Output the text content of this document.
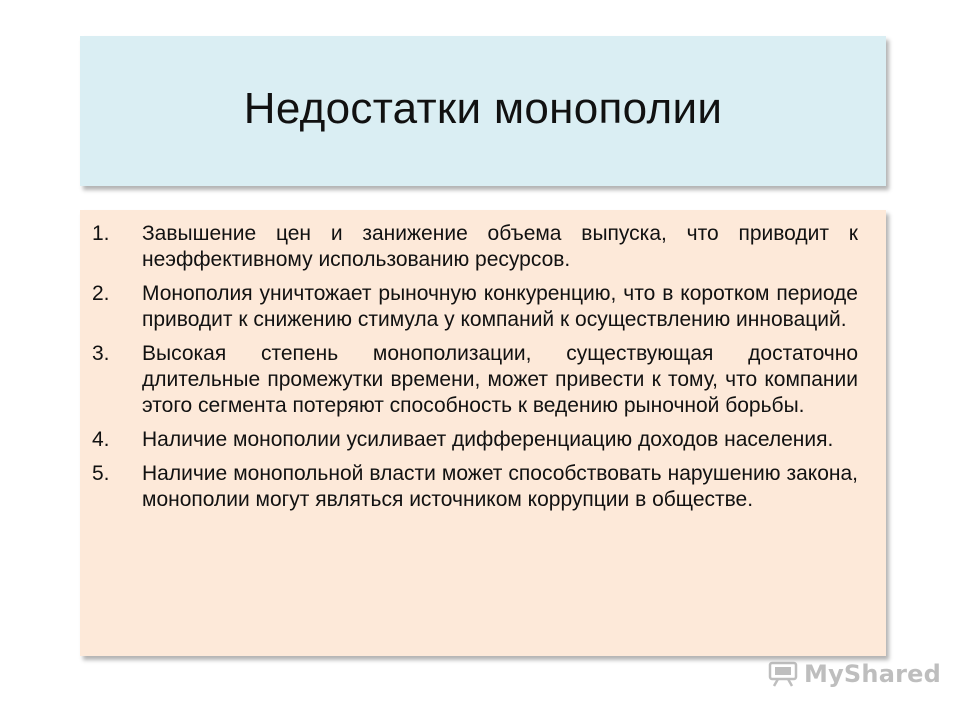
Недостатки монополии
1. Завышение цен и занижение объема выпуска, что приводит к неэффективному использованию ресурсов.
2. Монополия уничтожает рыночную конкуренцию, что в коротком периоде приводит к снижению стимула у компаний к осуществлению инноваций.
3. Высокая степень монополизации, существующая достаточно длительные промежутки времени, может привести к тому, что компании этого сегмента потеряют способность к ведению рыночной борьбы.
4. Наличие монополии усиливает дифференциацию доходов населения.
5. Наличие монопольной власти может способствовать нарушению закона, монополии могут являться источником коррупции в обществе.
MyShared
